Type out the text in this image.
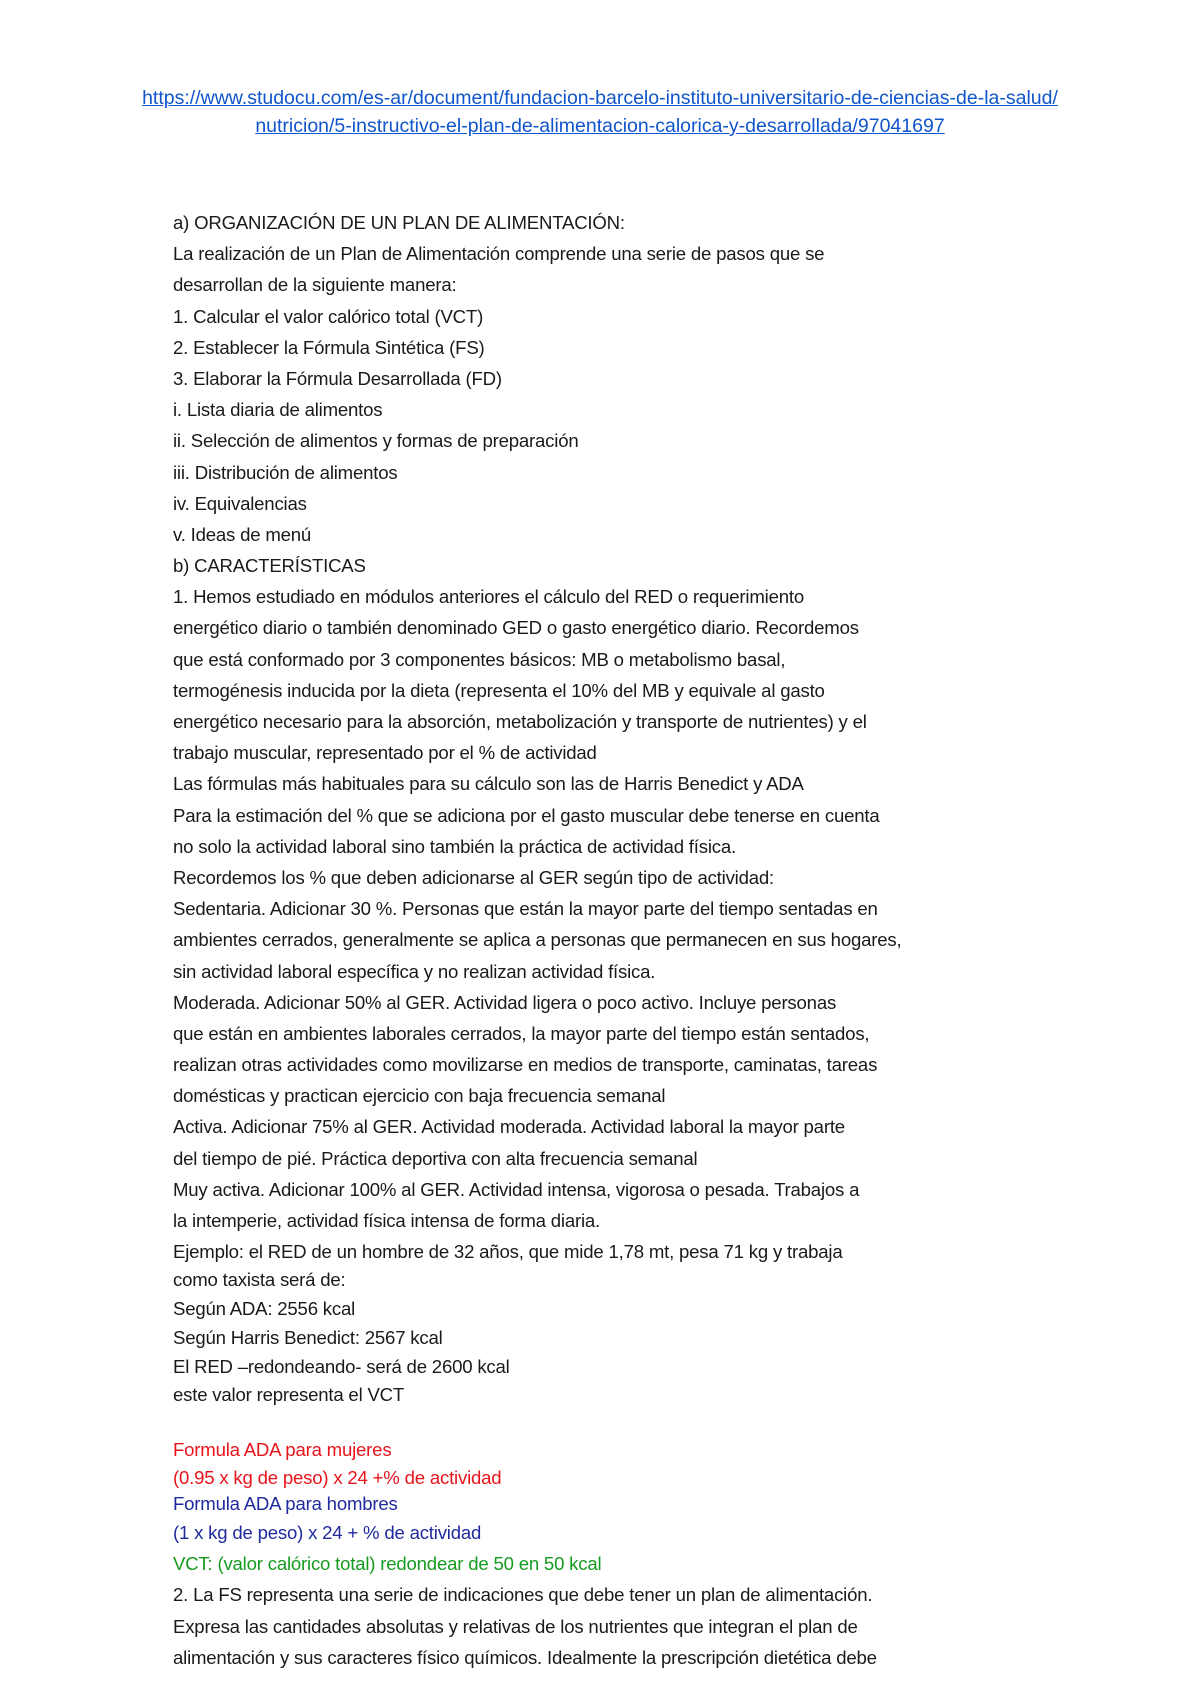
https://www.studocu.com/es-ar/document/fundacion-barcelo-instituto-universitario-de-ciencias-de-la-salud/
nutricion/5-instructivo-el-plan-de-alimentacion-calorica-y-desarrollada/97041697
a) ORGANIZACIÓN DE UN PLAN DE ALIMENTACIÓN:
La realización de un Plan de Alimentación comprende una serie de pasos que se
desarrollan de la siguiente manera:
1. Calcular el valor calórico total (VCT)
2. Establecer la Fórmula Sintética (FS)
3. Elaborar la Fórmula Desarrollada (FD)
i. Lista diaria de alimentos
ii. Selección de alimentos y formas de preparación
iii. Distribución de alimentos
iv. Equivalencias
v. Ideas de menú
b) CARACTERÍSTICAS
1. Hemos estudiado en módulos anteriores el cálculo del RED o requerimiento
energético diario o también denominado GED o gasto energético diario. Recordemos
que está conformado por 3 componentes básicos: MB o metabolismo basal,
termogénesis inducida por la dieta (representa el 10% del MB y equivale al gasto
energético necesario para la absorción, metabolización y transporte de nutrientes) y el
trabajo muscular, representado por el % de actividad
Las fórmulas más habituales para su cálculo son las de Harris Benedict y ADA
Para la estimación del % que se adiciona por el gasto muscular debe tenerse en cuenta
no solo la actividad laboral sino también la práctica de actividad física.
Recordemos los % que deben adicionarse al GER según tipo de actividad:
Sedentaria. Adicionar 30 %. Personas que están la mayor parte del tiempo sentadas en
ambientes cerrados, generalmente se aplica a personas que permanecen en sus hogares,
sin actividad laboral específica y no realizan actividad física.
Moderada. Adicionar 50% al GER. Actividad ligera o poco activo. Incluye personas
que están en ambientes laborales cerrados, la mayor parte del tiempo están sentados,
realizan otras actividades como movilizarse en medios de transporte, caminatas, tareas
domésticas y practican ejercicio con baja frecuencia semanal
Activa. Adicionar 75% al GER. Actividad moderada. Actividad laboral la mayor parte
del tiempo de pié. Práctica deportiva con alta frecuencia semanal
Muy activa. Adicionar 100% al GER. Actividad intensa, vigorosa o pesada. Trabajos a
la intemperie, actividad física intensa de forma diaria.
Ejemplo: el RED de un hombre de 32 años, que mide 1,78 mt, pesa 71 kg y trabaja
como taxista será de:
Según ADA: 2556 kcal
Según Harris Benedict: 2567 kcal
El RED –redondeando- será de 2600 kcal
este valor representa el VCT
Formula ADA para mujeres
(0.95 x kg de peso) x 24 +% de actividad
Formula ADA para hombres
(1 x kg de peso) x 24 + % de actividad
VCT: (valor calórico total) redondear de 50 en 50 kcal
2. La FS representa una serie de indicaciones que debe tener un plan de alimentación.
Expresa las cantidades absolutas y relativas de los nutrientes que integran el plan de
alimentación y sus caracteres físico químicos. Idealmente la prescripción dietética debe
